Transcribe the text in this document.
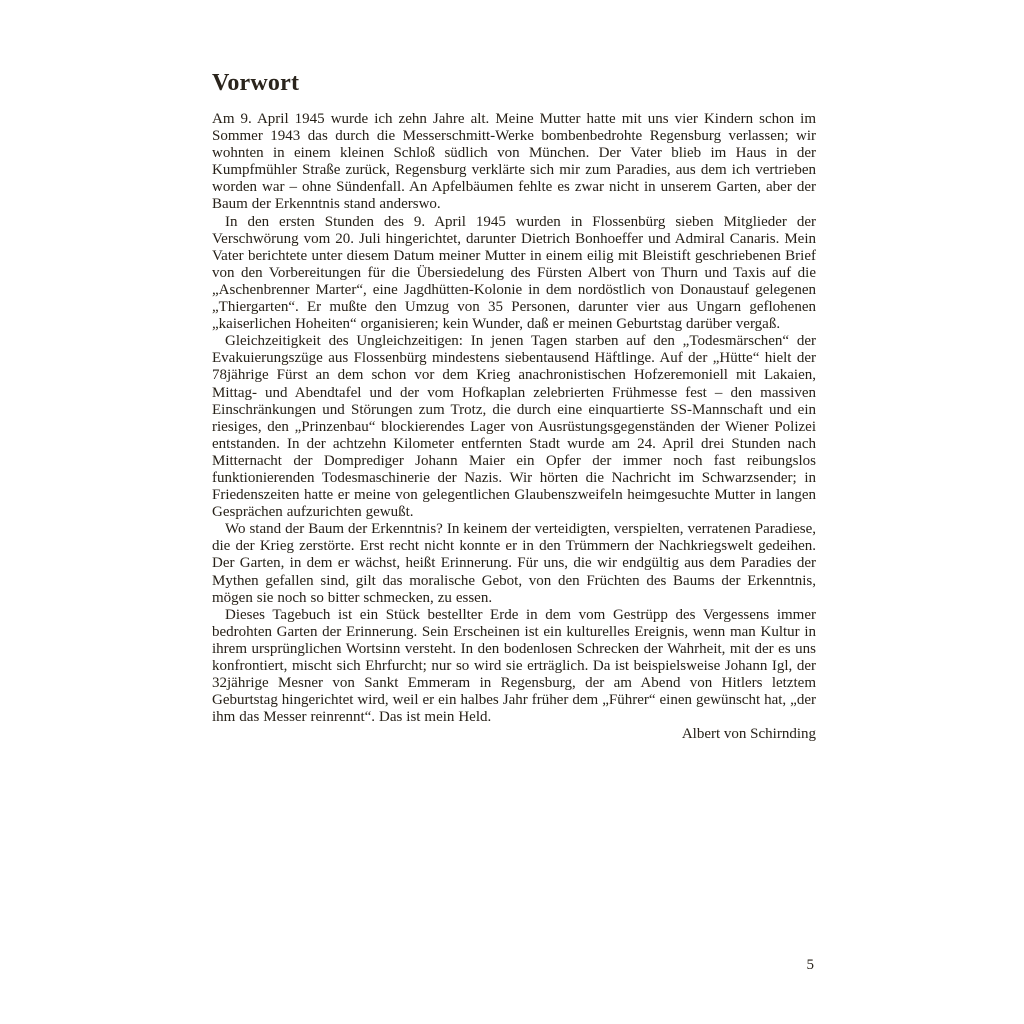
Vorwort

Am 9. April 1945 wurde ich zehn Jahre alt. Meine Mutter hatte mit uns vier Kindern schon im Sommer 1943 das durch die Messerschmitt-Werke bombenbedrohte Regensburg verlassen; wir wohnten in einem kleinen Schloß südlich von München. Der Vater blieb im Haus in der Kumpfmühler Straße zurück, Regensburg verklärte sich mir zum Paradies, aus dem ich vertrieben worden war – ohne Sündenfall. An Apfelbäumen fehlte es zwar nicht in unserem Garten, aber der Baum der Erkenntnis stand anderswo.

In den ersten Stunden des 9. April 1945 wurden in Flossenbürg sieben Mitglieder der Verschwörung vom 20. Juli hingerichtet, darunter Dietrich Bonhoeffer und Admiral Canaris. Mein Vater berichtete unter diesem Datum meiner Mutter in einem eilig mit Bleistift geschriebenen Brief von den Vorbereitungen für die Übersiedelung des Fürsten Albert von Thurn und Taxis auf die „Aschenbrenner Marter“, eine Jagdhütten-Kolonie in dem nordöstlich von Donaustauf gelegenen „Thiergarten“. Er mußte den Umzug von 35 Personen, darunter vier aus Ungarn geflohenen „kaiserlichen Hoheiten“ organisieren; kein Wunder, daß er meinen Geburtstag darüber vergaß.

Gleichzeitigkeit des Ungleichzeitigen: In jenen Tagen starben auf den „Todesmärschen“ der Evakuierungszüge aus Flossenbürg mindestens siebentausend Häftlinge. Auf der „Hütte“ hielt der 78jährige Fürst an dem schon vor dem Krieg anachronistischen Hofzeremoniell mit Lakaien, Mittag- und Abendtafel und der vom Hofkaplan zelebrierten Frühmesse fest – den massiven Einschränkungen und Störungen zum Trotz, die durch eine einquartierte SS-Mannschaft und ein riesiges, den „Prinzenbau“ blockierendes Lager von Ausrüstungsgegenständen der Wiener Polizei entstanden. In der achtzehn Kilometer entfernten Stadt wurde am 24. April drei Stunden nach Mitternacht der Domprediger Johann Maier ein Opfer der immer noch fast reibungslos funktionierenden Todesmaschinerie der Nazis. Wir hörten die Nachricht im Schwarzsender; in Friedenszeiten hatte er meine von gelegentlichen Glaubenszweifeln heimgesuchte Mutter in langen Gesprächen aufzurichten gewußt.

Wo stand der Baum der Erkenntnis? In keinem der verteidigten, verspielten, verratenen Paradiese, die der Krieg zerstörte. Erst recht nicht konnte er in den Trümmern der Nachkriegswelt gedeihen. Der Garten, in dem er wächst, heißt Erinnerung. Für uns, die wir endgültig aus dem Paradies der Mythen gefallen sind, gilt das moralische Gebot, von den Früchten des Baums der Erkenntnis, mögen sie noch so bitter schmecken, zu essen.

Dieses Tagebuch ist ein Stück bestellter Erde in dem vom Gestrüpp des Vergessens immer bedrohten Garten der Erinnerung. Sein Erscheinen ist ein kulturelles Ereignis, wenn man Kultur in ihrem ursprünglichen Wortsinn versteht. In den bodenlosen Schrecken der Wahrheit, mit der es uns konfrontiert, mischt sich Ehrfurcht; nur so wird sie erträglich. Da ist beispielsweise Johann Igl, der 32jährige Mesner von Sankt Emmeram in Regensburg, der am Abend von Hitlers letztem Geburtstag hingerichtet wird, weil er ein halbes Jahr früher dem „Führer“ einen gewünscht hat, „der ihm das Messer reinrennt“. Das ist mein Held.

Albert von Schirnding
5
